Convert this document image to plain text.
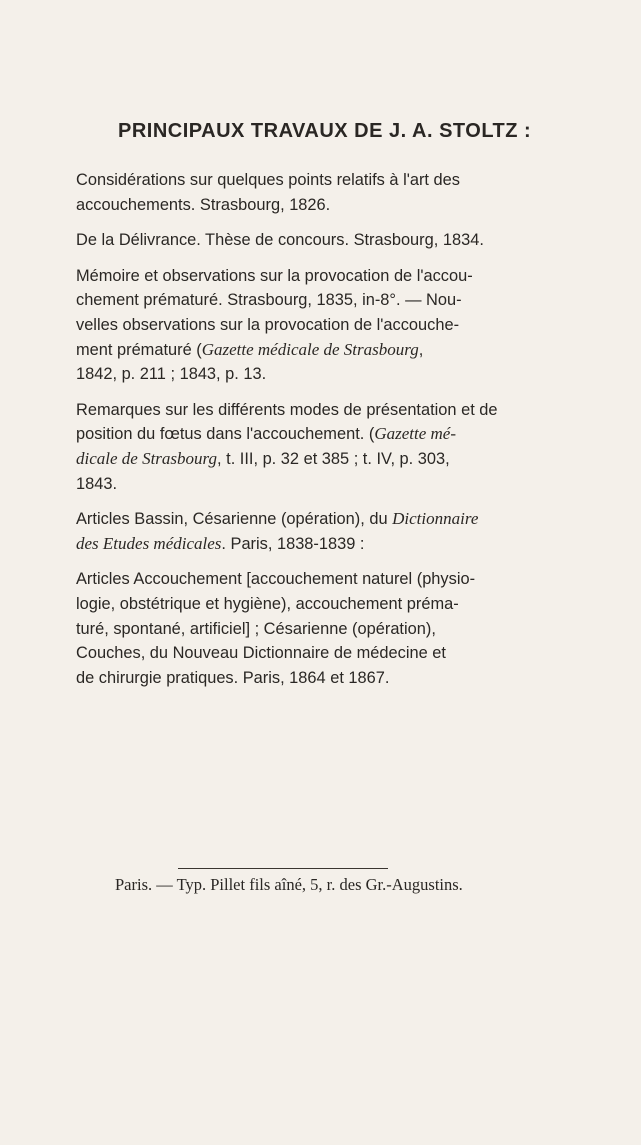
PRINCIPAUX TRAVAUX DE J. A. STOLTZ :
Considérations sur quelques points relatifs à l'art des
accouchements. Strasbourg, 1826.
De la Délivrance. Thèse de concours. Strasbourg, 1834.
Mémoire et observations sur la provocation de l'accou-
chement prématuré. Strasbourg, 1835, in-8°. — Nou-
velles observations sur la provocation de l'accouche-
ment prématuré (Gazette médicale de Strasbourg,
1842, p. 211 ; 1843, p. 13.
Remarques sur les différents modes de présentation et de
position du fœtus dans l'accouchement. (Gazette mé-
dicale de Strasbourg, t. III, p. 32 et 385 ; t. IV, p. 303,
1843.
Articles Bassin, Césarienne (opération), du Dictionnaire
des Etudes médicales. Paris, 1838-1839 :
Articles Accouchement [accouchement naturel (physio-
logie, obstétrique et hygiène), accouchement préma-
turé, spontané, artificiel] ; Césarienne (opération),
Couches, du Nouveau Dictionnaire de médecine et
de chirurgie pratiques. Paris, 1864 et 1867.
Paris. — Typ. Pillet fils aîné, 5, r. des Gr.-Augustins.
